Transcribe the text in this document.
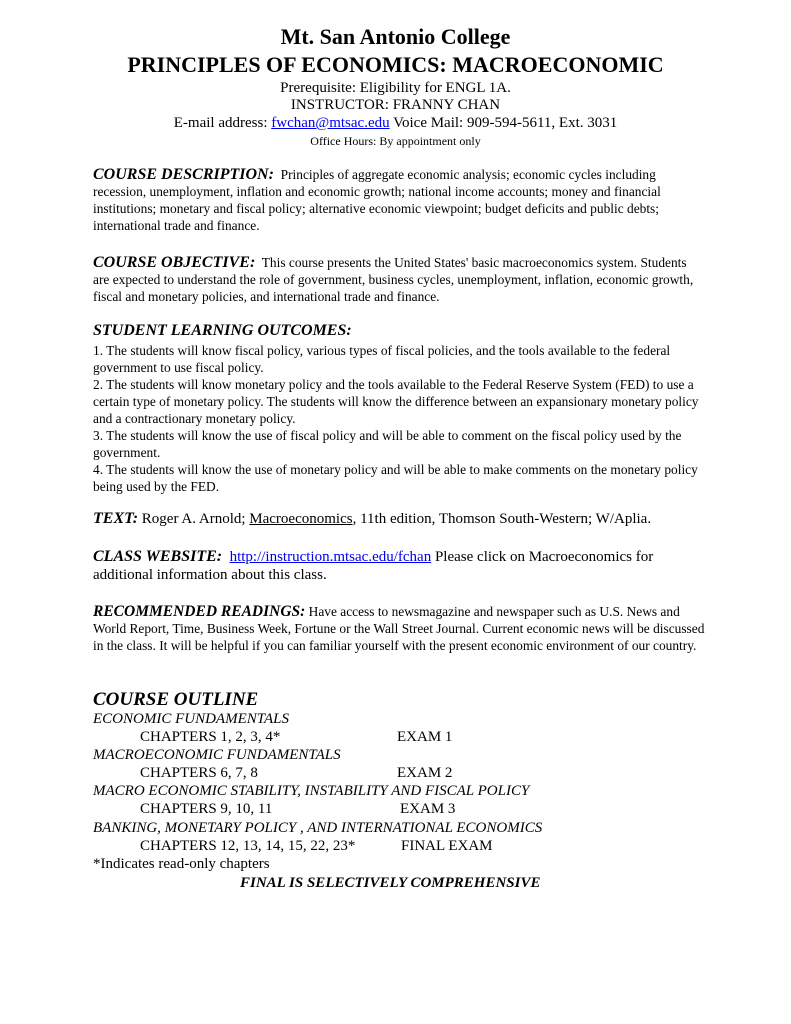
Mt. San Antonio College
PRINCIPLES OF ECONOMICS: MACROECONOMIC
Prerequisite: Eligibility for ENGL 1A.
INSTRUCTOR: FRANNY CHAN
E-mail address: fwchan@mtsac.edu Voice Mail: 909-594-5611, Ext. 3031
Office Hours: By appointment only
COURSE DESCRIPTION: Principles of aggregate economic analysis; economic cycles including recession, unemployment, inflation and economic growth; national income accounts; money and financial institutions; monetary and fiscal policy; alternative economic viewpoint; budget deficits and public debts; international trade and finance.
COURSE OBJECTIVE: This course presents the United States' basic macroeconomics system. Students are expected to understand the role of government, business cycles, unemployment, inflation, economic growth, fiscal and monetary policies, and international trade and finance.
STUDENT LEARNING OUTCOMES:
1. The students will know fiscal policy, various types of fiscal policies, and the tools available to the federal government to use fiscal policy.
2. The students will know monetary policy and the tools available to the Federal Reserve System (FED) to use a certain type of monetary policy. The students will know the difference between an expansionary monetary policy and a contractionary monetary policy.
3. The students will know the use of fiscal policy and will be able to comment on the fiscal policy used by the government.
4. The students will know the use of monetary policy and will be able to make comments on the monetary policy being used by the FED.
TEXT: Roger A. Arnold; Macroeconomics, 11th edition, Thomson South-Western; W/Aplia.
CLASS WEBSITE: http://instruction.mtsac.edu/fchan Please click on Macroeconomics for additional information about this class.
RECOMMENDED READINGS: Have access to newsmagazine and newspaper such as U.S. News and World Report, Time, Business Week, Fortune or the Wall Street Journal. Current economic news will be discussed in the class. It will be helpful if you can familiar yourself with the present economic environment of our country.
COURSE OUTLINE
ECONOMIC FUNDAMENTALS
CHAPTERS 1, 2, 3, 4*	EXAM 1
MACROECONOMIC FUNDAMENTALS
CHAPTERS 6, 7, 8	EXAM 2
MACRO ECONOMIC STABILITY, INSTABILITY AND FISCAL POLICY
CHAPTERS 9, 10, 11	EXAM 3
BANKING, MONETARY POLICY , AND INTERNATIONAL ECONOMICS
CHAPTERS 12, 13, 14, 15, 22, 23*	FINAL EXAM
*Indicates read-only chapters
FINAL IS SELECTIVELY COMPREHENSIVE
